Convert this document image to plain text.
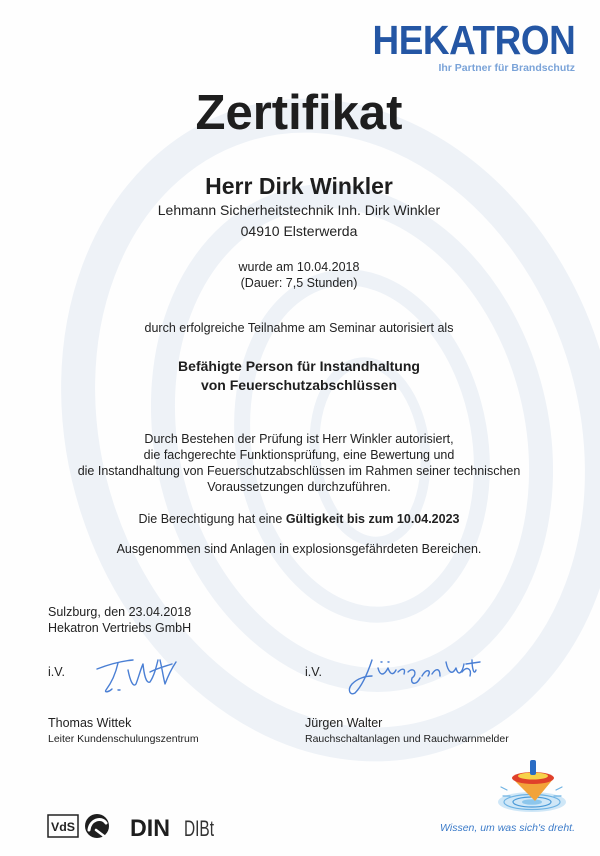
HEKATRON
Ihr Partner für Brandschutz
Zertifikat
Herr Dirk Winkler
Lehmann Sicherheitstechnik Inh. Dirk Winkler
04910 Elsterwerda
wurde am 10.04.2018
(Dauer: 7,5 Stunden)
durch erfolgreiche Teilnahme am Seminar autorisiert als
Befähigte Person für Instandhaltung
von Feuerschutzabschlüssen
Durch Bestehen der Prüfung ist Herr Winkler autorisiert,
die fachgerechte Funktionsprüfung, eine Bewertung und
die Instandhaltung von Feuerschutzabschlüssen im Rahmen seiner technischen
Voraussetzungen durchzuführen.
Die Berechtigung hat eine Gültigkeit bis zum 10.04.2023
Ausgenommen sind Anlagen in explosionsgefährdeten Bereichen.
Sulzburg, den 23.04.2018
Hekatron Vertriebs GmbH
i.V.
Thomas Wittek
Leiter Kundenschulungszentrum
i.V.
Jürgen Walter
Rauchschaltanlagen und Rauchwarnmelder
VdS DIN DIBt	Wissen, um was sich's dreht.
